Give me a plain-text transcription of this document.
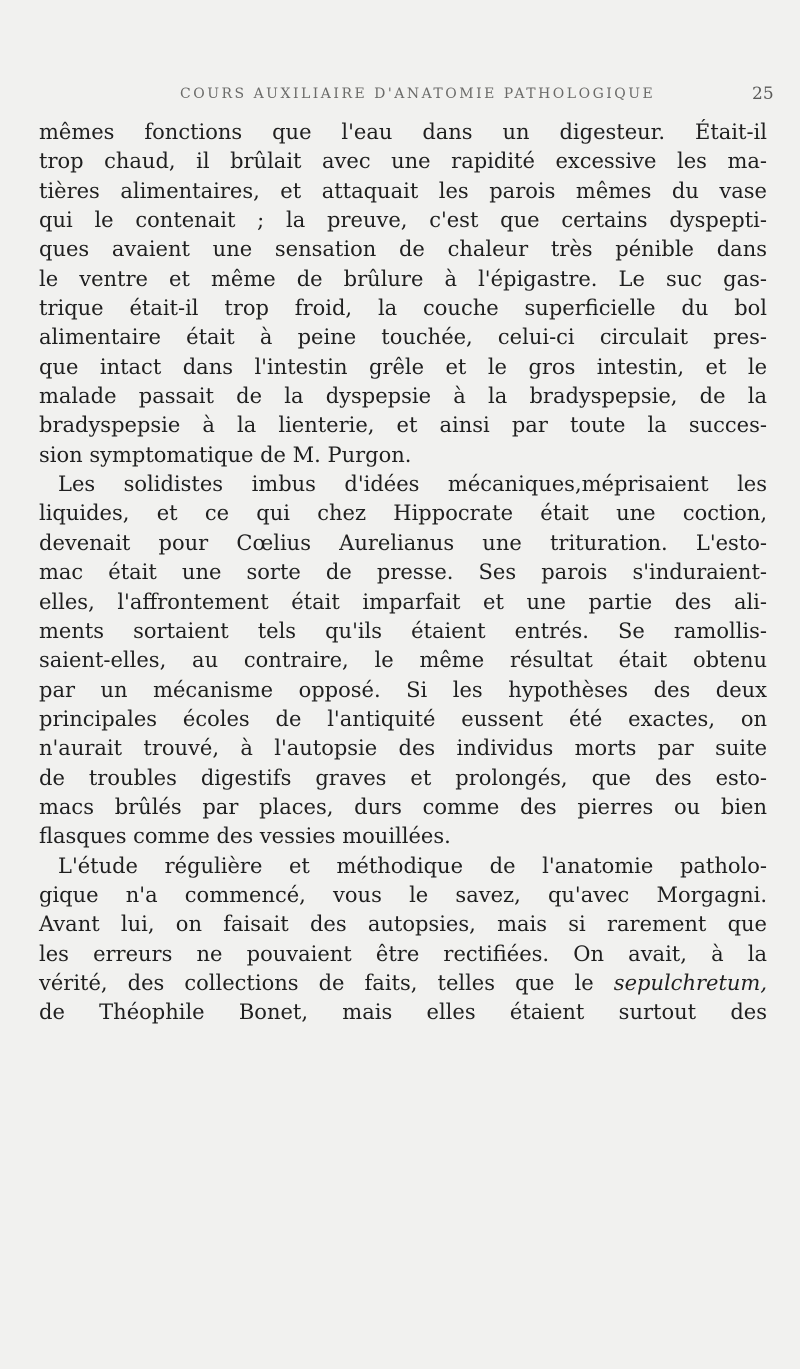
COURS AUXILIAIRE D'ANATOMIE PATHOLOGIQUE	25
mêmes fonctions que l'eau dans un digesteur. Était-il
trop chaud, il brûlait avec une rapidité excessive les ma-
tières alimentaires, et attaquait les parois mêmes du vase
qui le contenait ; la preuve, c'est que certains dyspepti-
ques avaient une sensation de chaleur très pénible dans
le ventre et même de brûlure à l'épigastre. Le suc gas-
trique était-il trop froid, la couche superficielle du bol
alimentaire était à peine touchée, celui-ci circulait pres-
que intact dans l'intestin grêle et le gros intestin, et le
malade passait de la dyspepsie à la bradyspepsie, de la
bradyspepsie à la lienterie, et ainsi par toute la succes-
sion symptomatique de M. Purgon.
Les solidistes imbus d'idées mécaniques,méprisaient les
liquides, et ce qui chez Hippocrate était une coction,
devenait pour Cœlius Aurelianus une trituration. L'esto-
mac était une sorte de presse. Ses parois s'induraient-
elles, l'affrontement était imparfait et une partie des ali-
ments sortaient tels qu'ils étaient entrés. Se ramollis-
saient-elles, au contraire, le même résultat était obtenu
par un mécanisme opposé. Si les hypothèses des deux
principales écoles de l'antiquité eussent été exactes, on
n'aurait trouvé, à l'autopsie des individus morts par suite
de troubles digestifs graves et prolongés, que des esto-
macs brûlés par places, durs comme des pierres ou bien
flasques comme des vessies mouillées.
L'étude régulière et méthodique de l'anatomie patholo-
gique n'a commencé, vous le savez, qu'avec Morgagni.
Avant lui, on faisait des autopsies, mais si rarement que
les erreurs ne pouvaient être rectifiées. On avait, à la
vérité, des collections de faits, telles que le sepulchretum,
de Théophile Bonet, mais elles étaient surtout des
